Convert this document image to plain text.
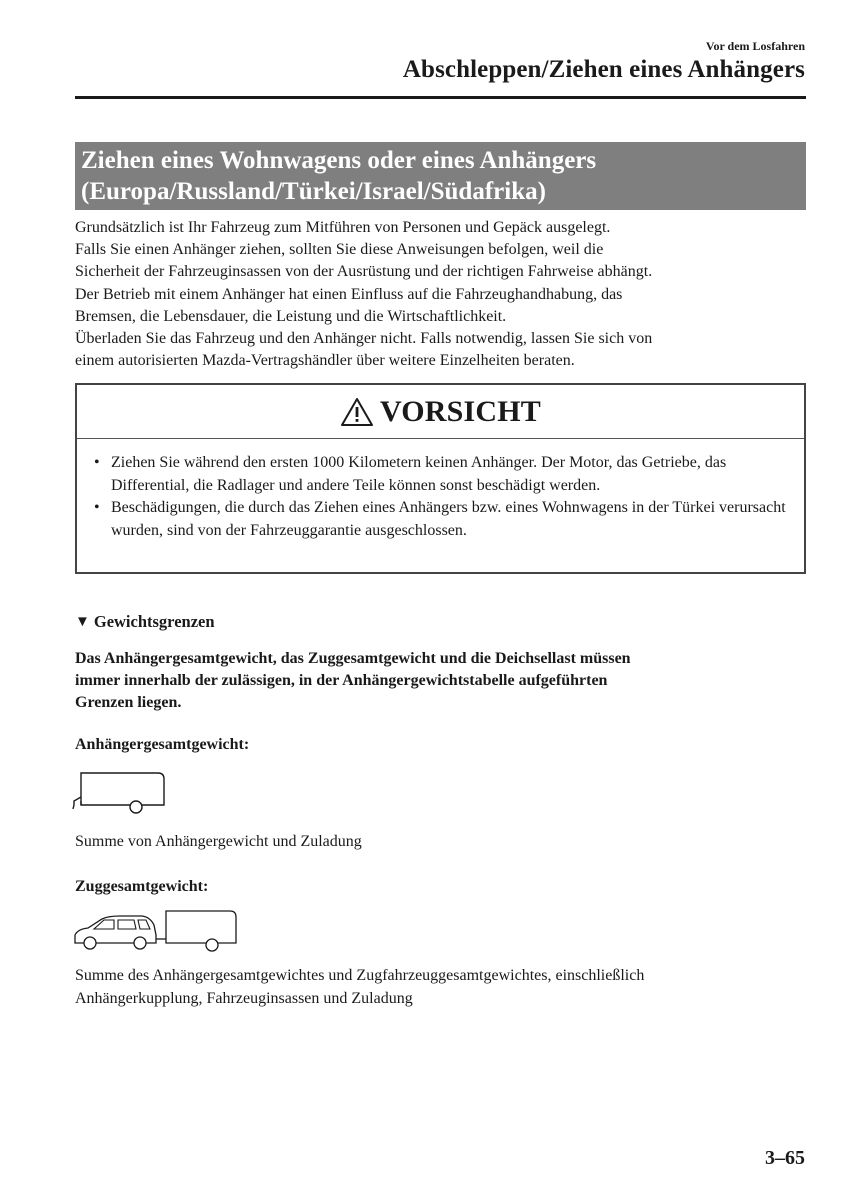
Vor dem Losfahren
Abschleppen/Ziehen eines Anhängers
Ziehen eines Wohnwagens oder eines Anhängers
(Europa/Russland/Türkei/Israel/Südafrika)

Grundsätzlich ist Ihr Fahrzeug zum Mitführen von Personen und Gepäck ausgelegt.

Falls Sie einen Anhänger ziehen, sollten Sie diese Anweisungen befolgen, weil die

Sicherheit der Fahrzeuginsassen von der Ausrüstung und der richtigen Fahrweise abhängt.

Der Betrieb mit einem Anhänger hat einen Einfluss auf die Fahrzeughandhabung, das

Bremsen, die Lebensdauer, die Leistung und die Wirtschaftlichkeit.

Überladen Sie das Fahrzeug und den Anhänger nicht. Falls notwendig, lassen Sie sich von

einem autorisierten Mazda-Vertragshändler über weitere Einzelheiten beraten.

VORSICHT
• Ziehen Sie während den ersten 1000 Kilometern keinen Anhänger. Der Motor, das Getriebe, das Differential, die Radlager und andere Teile können sonst beschädigt werden.
• Beschädigungen, die durch das Ziehen eines Anhängers bzw. eines Wohnwagens in der Türkei verursacht wurden, sind von der Fahrzeuggarantie ausgeschlossen.
▼ Gewichtsgrenzen

Das Anhängergesamtgewicht, das Zuggesamtgewicht und die Deichsellast müssen

immer innerhalb der zulässigen, in der Anhängergewichtstabelle aufgeführten

Grenzen liegen.

Anhängergesamtgewicht:
Summe von Anhängergewicht und Zuladung
Zuggesamtgewicht:

Summe des Anhängergesamtgewichtes und Zugfahrzeuggesamtgewichtes, einschließlich

Anhängerkupplung, Fahrzeuginsassen und Zuladung

3–65
